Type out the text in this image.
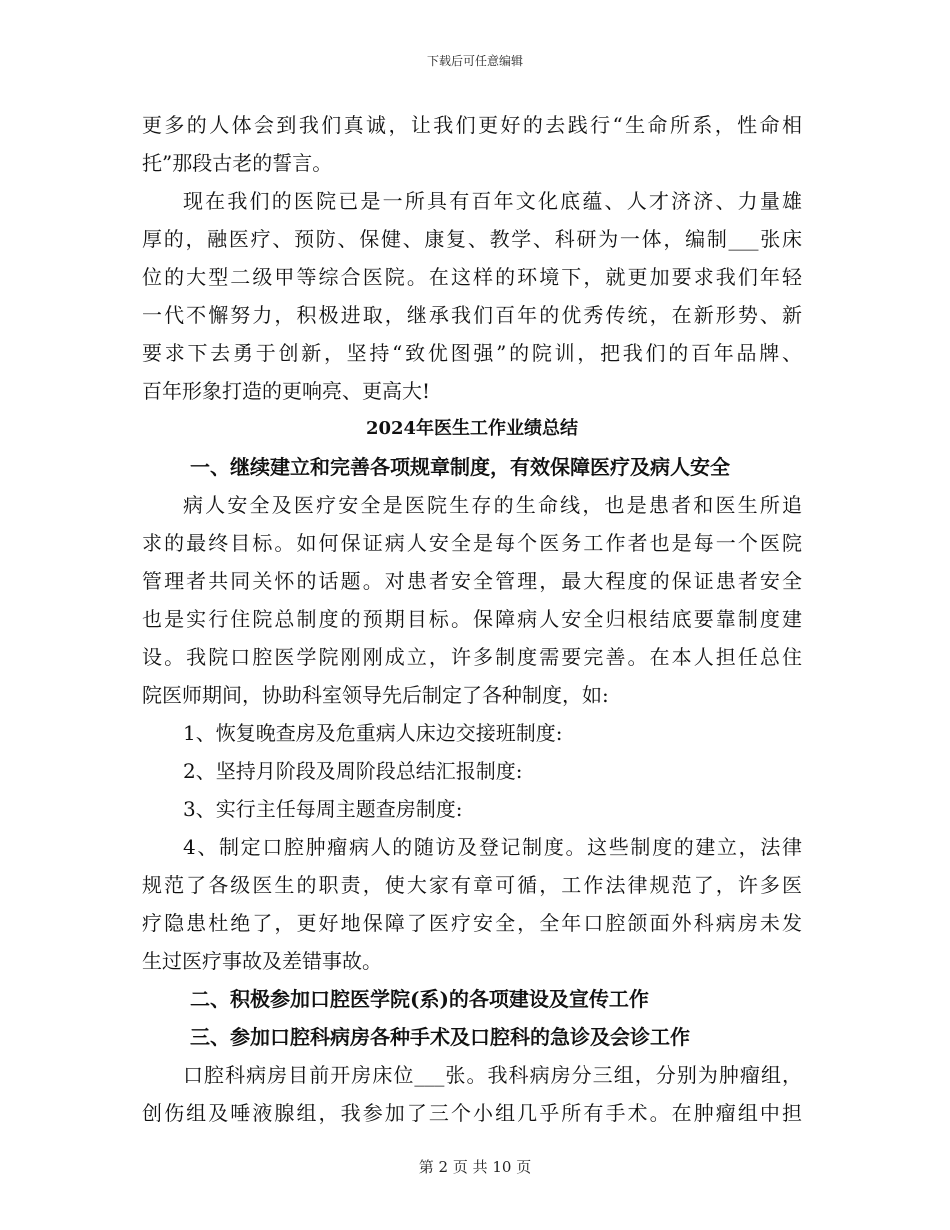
下载后可任意编辑
更多的人体会到我们真诚，让我们更好的去践行“生命所系，性命相
托”那段古老的誓言。
现在我们的医院已是一所具有百年文化底蕴、人才济济、力量雄
厚的，融医疗、预防、保健、康复、教学、科研为一体，编制___张床
位的大型二级甲等综合医院。在这样的环境下，就更加要求我们年轻
一代不懈努力，积极进取，继承我们百年的优秀传统，在新形势、新
要求下去勇于创新，坚持“致优图强”的院训，把我们的百年品牌、
百年形象打造的更响亮、更高大!
2024年医生工作业绩总结
一、继续建立和完善各项规章制度，有效保障医疗及病人安全
病人安全及医疗安全是医院生存的生命线，也是患者和医生所追
求的最终目标。如何保证病人安全是每个医务工作者也是每一个医院
管理者共同关怀的话题。对患者安全管理，最大程度的保证患者安全
也是实行住院总制度的预期目标。保障病人安全归根结底要靠制度建
设。我院口腔医学院刚刚成立，许多制度需要完善。在本人担任总住
院医师期间，协助科室领导先后制定了各种制度，如:
1、恢复晚查房及危重病人床边交接班制度:
2、坚持月阶段及周阶段总结汇报制度:
3、实行主任每周主题查房制度:
4、制定口腔肿瘤病人的随访及登记制度。这些制度的建立，法律
规范了各级医生的职责，使大家有章可循，工作法律规范了，许多医
疗隐患杜绝了，更好地保障了医疗安全，全年口腔颌面外科病房未发
生过医疗事故及差错事故。
二、积极参加口腔医学院(系)的各项建设及宣传工作
三、参加口腔科病房各种手术及口腔科的急诊及会诊工作
口腔科病房目前开房床位___张。我科病房分三组，分别为肿瘤组，
创伤组及唾液腺组，我参加了三个小组几乎所有手术。在肿瘤组中担
第 2 页 共 10 页
